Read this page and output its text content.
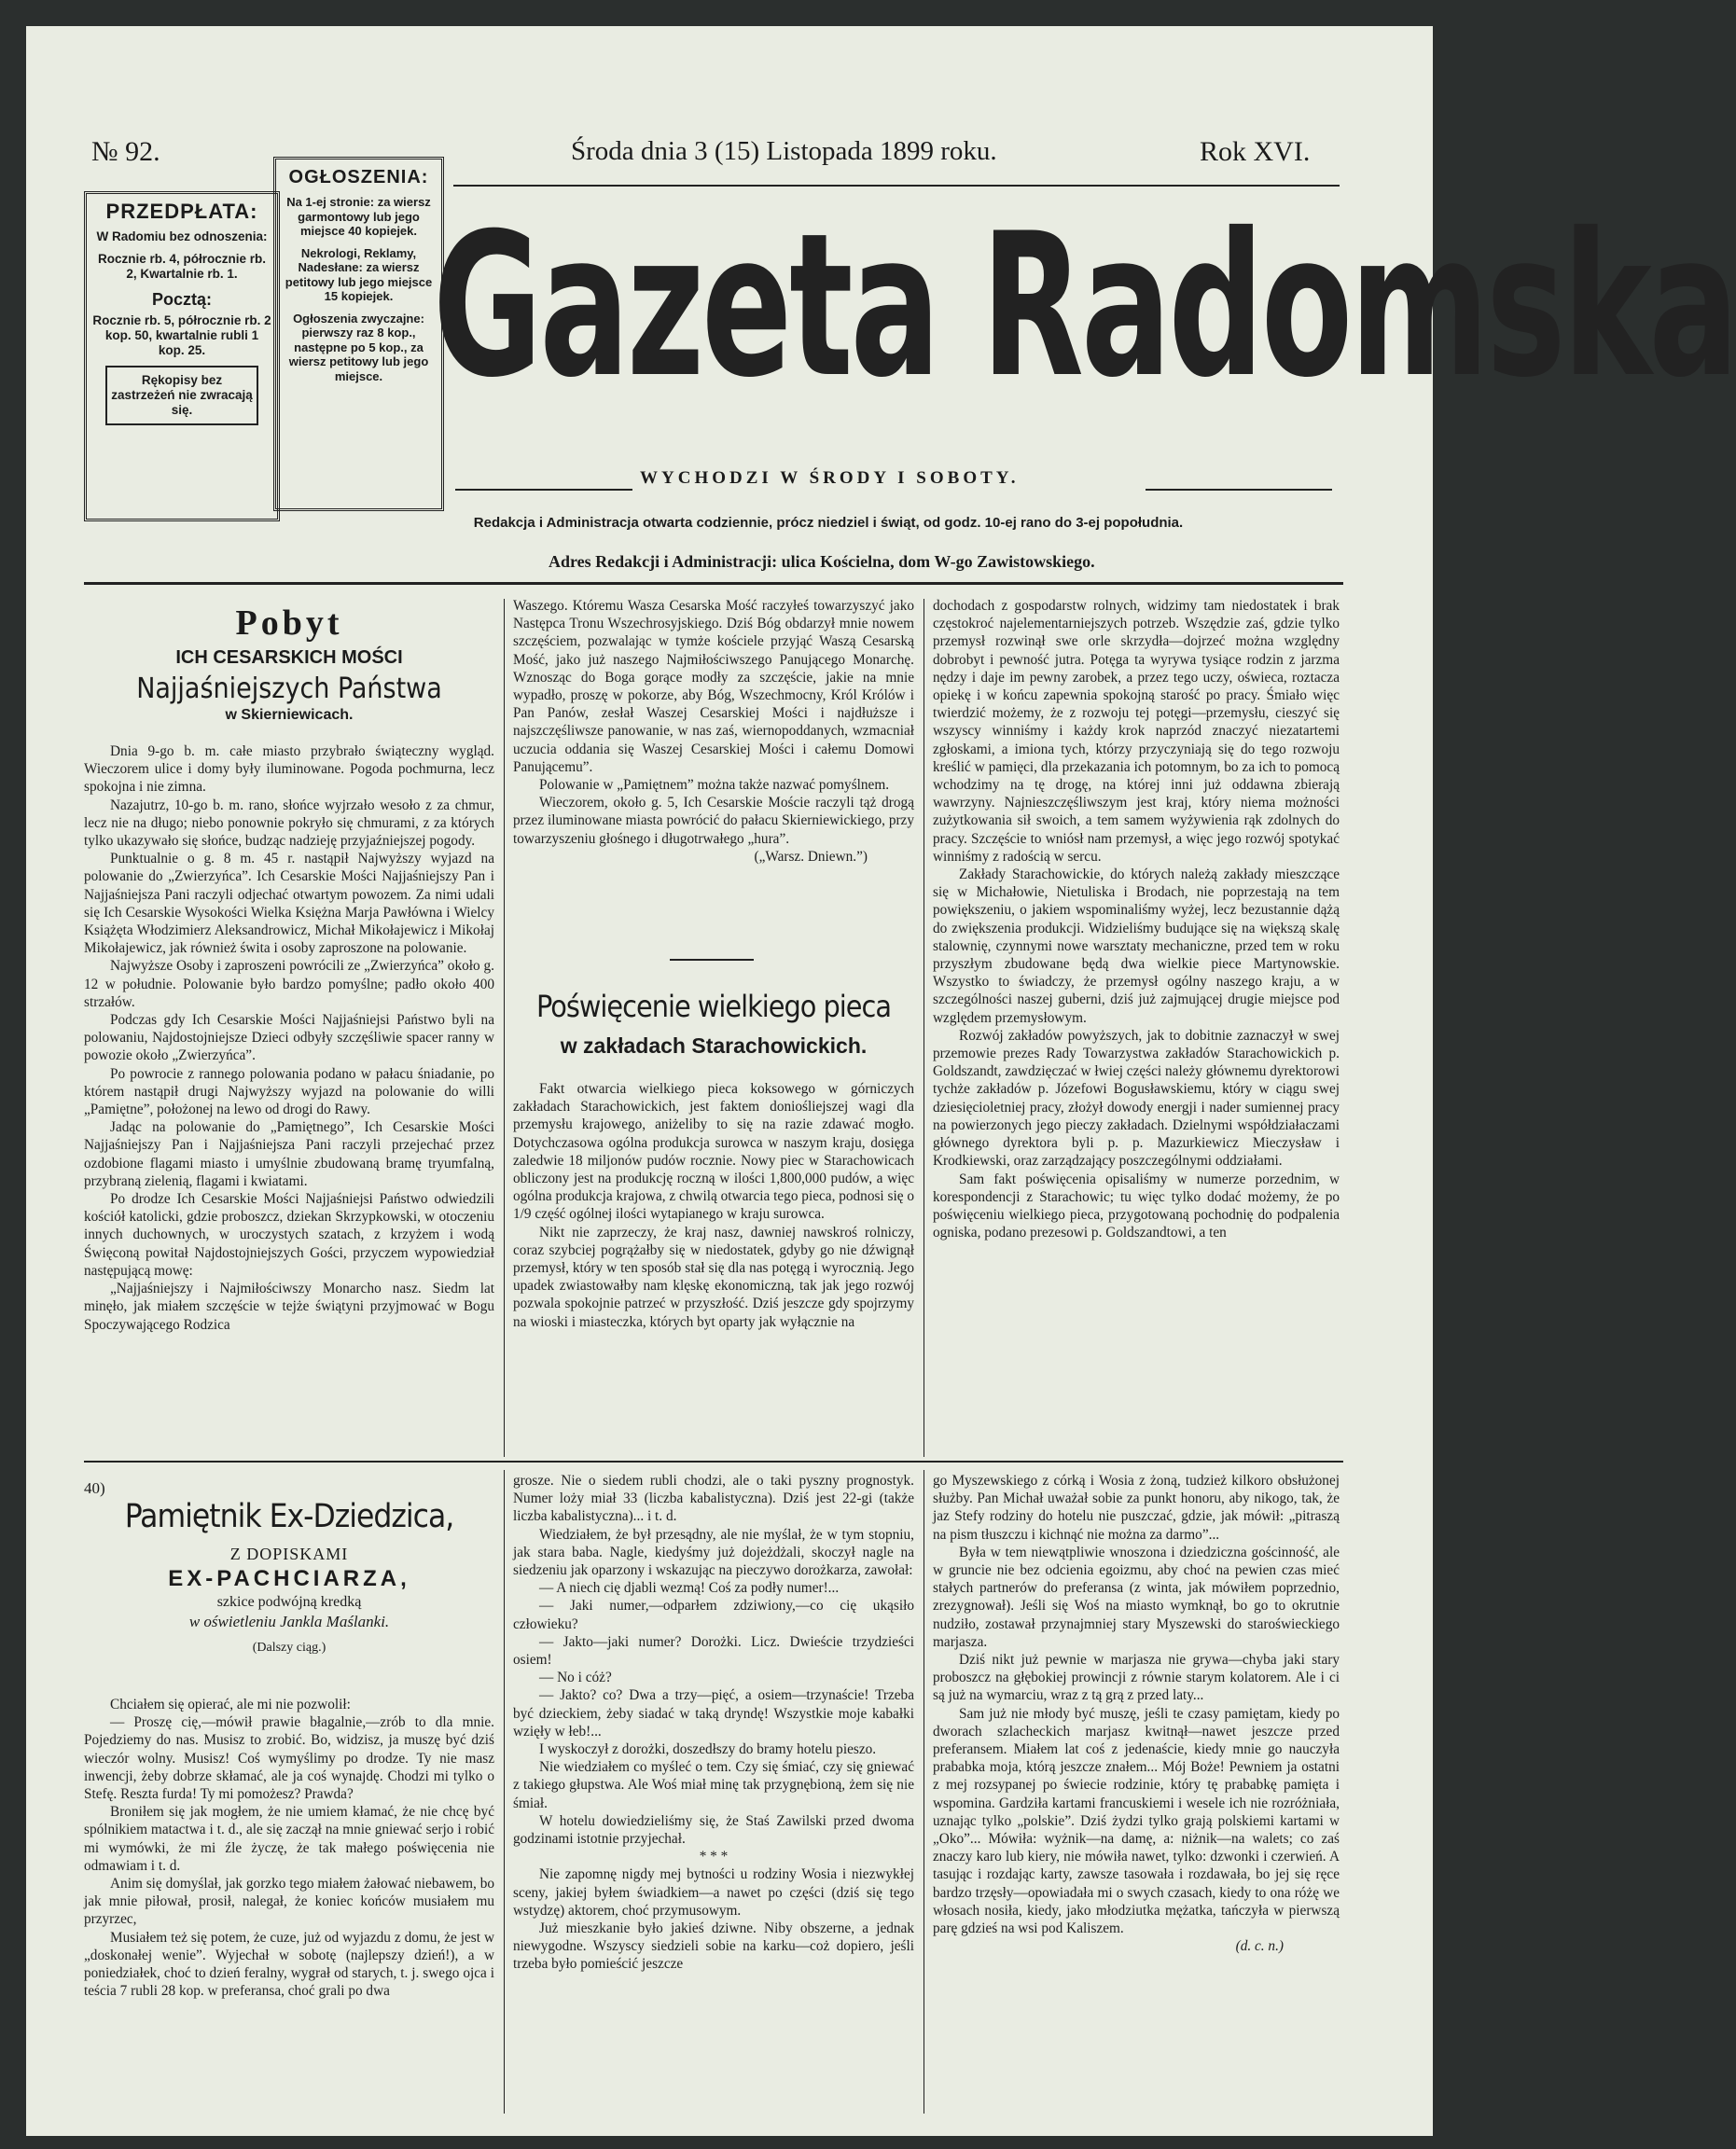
№ 92.	Środa dnia 3 (15) Listopada 1899 roku.	Rok XVI.
PRZEDPŁATA:

W Radomiu bez odnoszenia:

Rocznie rb. 4, półrocznie rb. 2, Kwartalnie rb. 1.

Pocztą:

Rocznie rb. 5, półrocznie rb. 2 kop. 50, kwartalnie rubli 1 kop. 25.

Rękopisy bez zastrzeżeń nie zwracają się.
OGŁOSZENIA:

Na 1-ej stronie: za wiersz garmontowy lub jego miejsce 40 kopiejek.

Nekrologi, Reklamy, Nadesłane: za wiersz petitowy lub jego miejsce 15 kopiejek.

Ogłoszenia zwyczajne: pierwszy raz 8 kop., następne po 5 kop., za wiersz petitowy lub jego miejsce. Gazeta Radomska
WYCHODZI W ŚRODY I SOBOTY.
Redakcja i Administracja otwarta codziennie, prócz niedziel i świąt, od godz. 10-ej rano do 3-ej popołudnia.
Adres Redakcji i Administracji: ulica Kościelna, dom W-go Zawistowskiego.
Pobyt
ICH CESARSKICH MOŚCI
Najjaśniejszych Państwa
w Skierniewicach.

Dnia 9-go b. m. całe miasto przybrało świąteczny wygląd. Wieczorem ulice i domy były iluminowane. Pogoda pochmurna, lecz spokojna i nie zimna.

Nazajutrz, 10-go b. m. rano, słońce wyjrzało wesoło z za chmur, lecz nie na długo; niebo ponownie pokryło się chmurami, z za których tylko ukazywało się słońce, budząc nadzieję przyjaźniejszej pogody.

Punktualnie o g. 8 m. 45 r. nastąpił Najwyższy wyjazd na polowanie do „Zwierzyńca”. Ich Cesarskie Mości Najjaśniejszy Pan i Najjaśniejsza Pani raczyli odjechać otwartym powozem. Za nimi udali się Ich Cesarskie Wysokości Wielka Księżna Marja Pawłówna i Wielcy Książęta Włodzimierz Aleksandrowicz, Michał Mikołajewicz i Mikołaj Mikołajewicz, jak również świta i osoby zaproszone na polowanie.

Najwyższe Osoby i zaproszeni powrócili ze „Zwierzyńca” około g. 12 w południe. Polowanie było bardzo pomyślne; padło około 400 strzałów.

Podczas gdy Ich Cesarskie Mości Najjaśniejsi Państwo byli na polowaniu, Najdostojniejsze Dzieci odbyły szczęśliwie spacer ranny w powozie około „Zwierzyńca”.

Po powrocie z rannego polowania podano w pałacu śniadanie, po którem nastąpił drugi Najwyższy wyjazd na polowanie do willi „Pamiętne”, położonej na lewo od drogi do Rawy.

Jadąc na polowanie do „Pamiętnego”, Ich Cesarskie Mości Najjaśniejszy Pan i Najjaśniejsza Pani raczyli przejechać przez ozdobione flagami miasto i umyślnie zbudowaną bramę tryumfalną, przybraną zielenią, flagami i kwiatami.

Po drodze Ich Cesarskie Mości Najjaśniejsi Państwo odwiedzili kościół katolicki, gdzie proboszcz, dziekan Skrzypkowski, w otoczeniu innych duchownych, w uroczystych szatach, z krzyżem i wodą Święconą powitał Najdostojniejszych Gości, przyczem wypowiedział następującą mowę:

„Najjaśniejszy i Najmiłościwszy Monarcho nasz. Siedm lat minęło, jak miałem szczęście w tejże świątyni przyjmować w Bogu Spoczywającego Rodzica

Waszego. Któremu Wasza Cesarska Mość raczyłeś towarzyszyć jako Następca Tronu Wszechrosyjskiego. Dziś Bóg obdarzył mnie nowem szczęściem, pozwalając w tymże kościele przyjąć Waszą Cesarską Mość, jako już naszego Najmiłościwszego Panującego Monarchę. Wznosząc do Boga gorące modły za szczęście, jakie na mnie wypadło, proszę w pokorze, aby Bóg, Wszechmocny, Król Królów i Pan Panów, zesłał Waszej Cesarskiej Mości i najdłuższe i najszczęśliwsze panowanie, w nas zaś, wiernopoddanych, wzmacniał uczucia oddania się Waszej Cesarskiej Mości i całemu Domowi Panującemu”.

Polowanie w „Pamiętnem” można także nazwać pomyślnem.

Wieczorem, około g. 5, Ich Cesarskie Moście raczyli tąż drogą przez iluminowane miasta powrócić do pałacu Skierniewickiego, przy towarzyszeniu głośnego i długotrwałego „hura”.

(„Warsz. Dniewn.”)
Poświęcenie wielkiego pieca
w zakładach Starachowickich.

Fakt otwarcia wielkiego pieca koksowego w górniczych zakładach Starachowickich, jest faktem doniośliejszej wagi dla przemysłu krajowego, aniżeliby to się na razie zdawać mogło. Dotychczasowa ogólna produkcja surowca w naszym kraju, dosięga zaledwie 18 miljonów pudów rocznie. Nowy piec w Starachowicach obliczony jest na produkcję roczną w ilości 1,800,000 pudów, a więc ogólna produkcja krajowa, z chwilą otwarcia tego pieca, podnosi się o 1/9 część ogólnej ilości wytapianego w kraju surowca.

Nikt nie zaprzeczy, że kraj nasz, dawniej nawskroś rolniczy, coraz szybciej pogrążałby się w niedostatek, gdyby go nie dźwignął przemysł, który w ten sposób stał się dla nas potęgą i wyrocznią. Jego upadek zwiastowałby nam klęskę ekonomiczną, tak jak jego rozwój pozwala spokojnie patrzeć w przyszłość. Dziś jeszcze gdy spojrzymy na wioski i miasteczka, których byt oparty jak wyłącznie na

dochodach z gospodarstw rolnych, widzimy tam niedostatek i brak częstokroć najelementarniejszych potrzeb. Wszędzie zaś, gdzie tylko przemysł rozwinął swe orle skrzydła—dojrzeć można względny dobrobyt i pewność jutra. Potęga ta wyrywa tysiące rodzin z jarzma nędzy i daje im pewny zarobek, a przez tego uczy, oświeca, roztacza opiekę i w końcu zapewnia spokojną starość po pracy. Śmiało więc twierdzić możemy, że z rozwoju tej potęgi—przemysłu, cieszyć się wszyscy winniśmy i każdy krok naprzód znaczyć niezatartemi zgłoskami, a imiona tych, którzy przyczyniają się do tego rozwoju kreślić w pamięci, dla przekazania ich potomnym, bo za ich to pomocą wchodzimy na tę drogę, na której inni już oddawna zbierają wawrzyny. Najnieszczęśliwszym jest kraj, który niema możności zużytkowania sił swoich, a tem samem wyżywienia rąk zdolnych do pracy. Szczęście to wniósł nam przemysł, a więc jego rozwój spotykać winniśmy z radością w sercu.

Zakłady Starachowickie, do których należą zakłady mieszczące się w Michałowie, Nietuliska i Brodach, nie poprzestają na tem powiększeniu, o jakiem wspominaliśmy wyżej, lecz bezustannie dążą do zwiększenia produkcji. Widzieliśmy budujące się na większą skalę stalownię, czynnymi nowe warsztaty mechaniczne, przed tem w roku przyszłym zbudowane będą dwa wielkie piece Martynowskie. Wszystko to świadczy, że przemysł ogólny naszego kraju, a w szczególności naszej guberni, dziś już zajmującej drugie miejsce pod względem przemysłowym.

Rozwój zakładów powyższych, jak to dobitnie zaznaczył w swej przemowie prezes Rady Towarzystwa zakładów Starachowickich p. Goldszandt, zawdzięczać w łwiej części należy głównemu dyrektorowi tychże zakładów p. Józefowi Bogusławskiemu, który w ciągu swej dziesięcioletniej pracy, złożył dowody energji i nader sumiennej pracy na powierzonych jego pieczy zakładach. Dzielnymi współdziałaczami głównego dyrektora byli p. p. Mazurkiewicz Mieczysław i Krodkiewski, oraz zarządzający poszczególnymi oddziałami.

Sam fakt poświęcenia opisaliśmy w numerze porzednim, w korespondencji z Starachowic; tu więc tylko dodać możemy, że po poświęceniu wielkiego pieca, przygotowaną pochodnię do podpalenia ogniska, podano prezesowi p. Goldszandtowi, a ten

40)
Pamiętnik Ex-Dziedzica,
Z DOPISKAMI
EX-PACHCIARZA,
szkice podwójną kredką
w oświetleniu Jankla Maślanki.
(Dalszy ciąg.)

Chciałem się opierać, ale mi nie pozwolił:

— Proszę cię,—mówił prawie błagalnie,—zrób to dla mnie. Pojedziemy do nas. Musisz to zrobić. Bo, widzisz, ja muszę być dziś wieczór wolny. Musisz! Coś wymyślimy po drodze. Ty nie masz inwencji, żeby dobrze skłamać, ale ja coś wynajdę. Chodzi mi tylko o Stefę. Reszta furda! Ty mi pomożesz? Prawda?

Broniłem się jak mogłem, że nie umiem kłamać, że nie chcę być spólnikiem matactwa i t. d., ale się zaczął na mnie gniewać serjo i robić mi wymówki, że mi źle życzę, że tak małego poświęcenia nie odmawiam i t. d.

Anim się domyślał, jak gorzko tego miałem żałować niebawem, bo jak mnie piłował, prosił, nalegał, że koniec końców musiałem mu przyrzec,

Musiałem też się potem, że cuze, już od wyjazdu z domu, że jest w „doskonałej wenie”. Wyjechał w sobotę (najlepszy dzień!), a w poniedziałek, choć to dzień feralny, wygrał od starych, t. j. swego ojca i teścia 7 rubli 28 kop. w preferansa, choć grali po dwa

grosze. Nie o siedem rubli chodzi, ale o taki pyszny prognostyk. Numer loży miał 33 (liczba kabalistyczna). Dziś jest 22-gi (także liczba kabalistyczna)... i t. d.

Wiedziałem, że był przesądny, ale nie myślał, że w tym stopniu, jak stara baba. Nagle, kiedyśmy już dojeżdżali, skoczył nagle na siedzeniu jak oparzony i wskazując na pieczywo dorożkarza, zawołał:

— A niech cię djabli wezmą! Coś za podły numer!...

— Jaki numer,—odparłem zdziwiony,—co cię ukąsiło człowieku?

— Jakto—jaki numer? Dorożki. Licz. Dwieście trzydzieści osiem!

— No i cóż?

— Jakto? co? Dwa a trzy—pięć, a osiem—trzynaście! Trzeba być dzieckiem, żeby siadać w taką dryndę! Wszystkie moje kabałki wzięły w łeb!...

I wyskoczył z dorożki, doszedłszy do bramy hotelu pieszo.

Nie wiedziałem co myśleć o tem. Czy się śmiać, czy się gniewać z takiego głupstwa. Ale Woś miał minę tak przygnębioną, żem się nie śmiał.

W hotelu dowiedzieliśmy się, że Staś Zawilski przed dwoma godzinami istotnie przyjechał.

* * *

Nie zapomnę nigdy mej bytności u rodziny Wosia i niezwykłej sceny, jakiej byłem świadkiem—a nawet po części (dziś się tego wstydzę) aktorem, choć przymusowym.

Już mieszkanie było jakieś dziwne. Niby obszerne, a jednak niewygodne. Wszyscy siedzieli sobie na karku—coż dopiero, jeśli trzeba było pomieścić jeszcze

go Myszewskiego z córką i Wosia z żoną, tudzież kilkoro obsłużonej służby. Pan Michał uważał sobie za punkt honoru, aby nikogo, tak, że jaz Stefy rodziny do hotelu nie puszczać, gdzie, jak mówił: „pitraszą na pism tłuszczu i kichnąć nie można za darmo”...

Była w tem niewątpliwie wnoszona i dziedziczna gościnność, ale w gruncie nie bez odcienia egoizmu, aby choć na pewien czas mieć stałych partnerów do preferansa (z winta, jak mówiłem poprzednio, zrezygnował). Jeśli się Woś na miasto wymknął, bo go to okrutnie nudziło, zostawał przynajmniej stary Myszewski do staroświeckiego marjasza.

Dziś nikt już pewnie w marjasza nie grywa—chyba jaki stary proboszcz na głębokiej prowincji z równie starym kolatorem. Ale i ci są już na wymarciu, wraz z tą grą z przed laty...

Sam już nie młody być muszę, jeśli te czasy pamiętam, kiedy po dworach szlacheckich marjasz kwitnął—nawet jeszcze przed preferansem. Miałem lat coś z jedenaście, kiedy mnie go nauczyła prababka moja, którą jeszcze znałem... Mój Boże! Pewniem ja ostatni z mej rozsypanej po świecie rodzinie, który tę prababkę pamięta i wspomina. Gardziła kartami francuskiemi i wesele ich nie rozróżniała, uznając tylko „polskie”. Dziś żydzi tylko grają polskiemi kartami w „Oko”... Mówiła: wyżnik—na damę, a: niżnik—na walets; co zaś znaczy karo lub kiery, nie mówiła nawet, tylko: dzwonki i czerwień. A tasując i rozdając karty, zawsze tasowała i rozdawała, bo jej się ręce bardzo trzęsły—opowiadała mi o swych czasach, kiedy to ona różę we włosach nosiła, kiedy, jako młodziutka mężatka, tańczyła w pierwszą parę gdzieś na wsi pod Kaliszem.

(d. c. n.)
